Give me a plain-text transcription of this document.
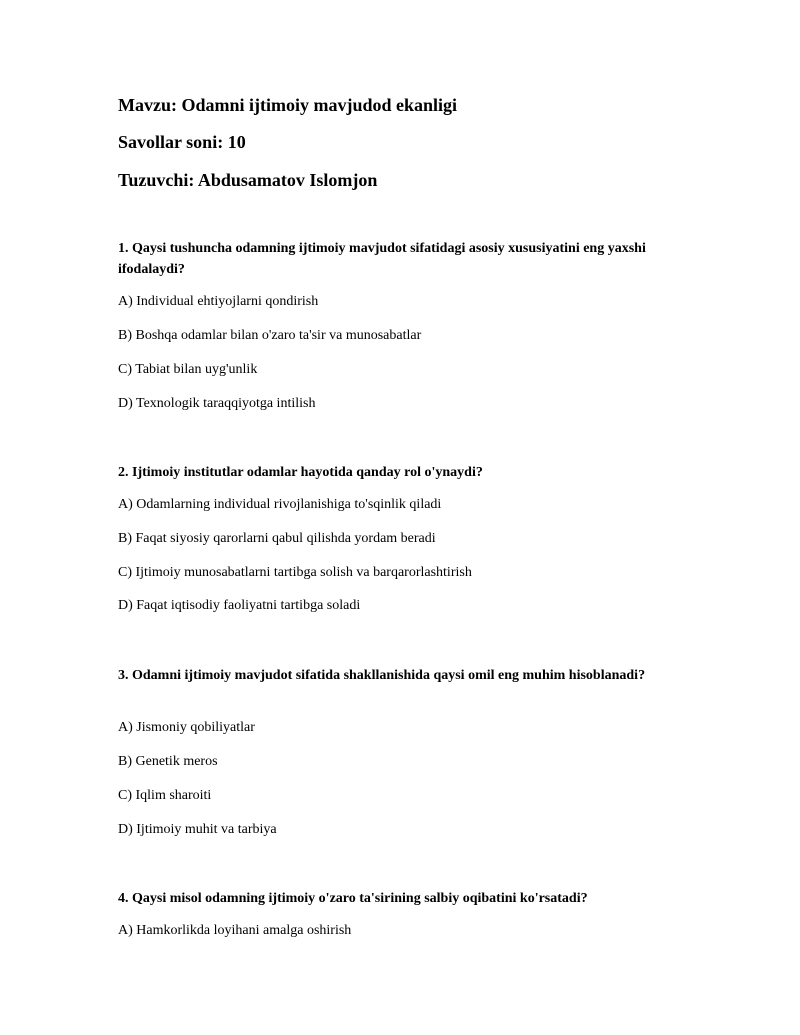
Mavzu: Odamni ijtimoiy mavjudod ekanligi
Savollar soni: 10
Tuzuvchi: Abdusamatov Islomjon
1. Qaysi tushuncha odamning ijtimoiy mavjudot sifatidagi asosiy xususiyatini eng yaxshi ifodalaydi?
A) Individual ehtiyojlarni qondirish
B) Boshqa odamlar bilan o'zaro ta'sir va munosabatlar
C) Tabiat bilan uyg'unlik
D) Texnologik taraqqiyotga intilish
2. Ijtimoiy institutlar odamlar hayotida qanday rol o'ynaydi?
A) Odamlarning individual rivojlanishiga to'sqinlik qiladi
B) Faqat siyosiy qarorlarni qabul qilishda yordam beradi
C) Ijtimoiy munosabatlarni tartibga solish va barqarorlashtirish
D) Faqat iqtisodiy faoliyatni tartibga soladi
3. Odamni ijtimoiy mavjudot sifatida shakllanishida qaysi omil eng muhim hisoblanadi?
A) Jismoniy qobiliyatlar
B) Genetik meros
C) Iqlim sharoiti
D) Ijtimoiy muhit va tarbiya
4. Qaysi misol odamning ijtimoiy o'zaro ta'sirining salbiy oqibatini ko'rsatadi?
A) Hamkorlikda loyihani amalga oshirish
